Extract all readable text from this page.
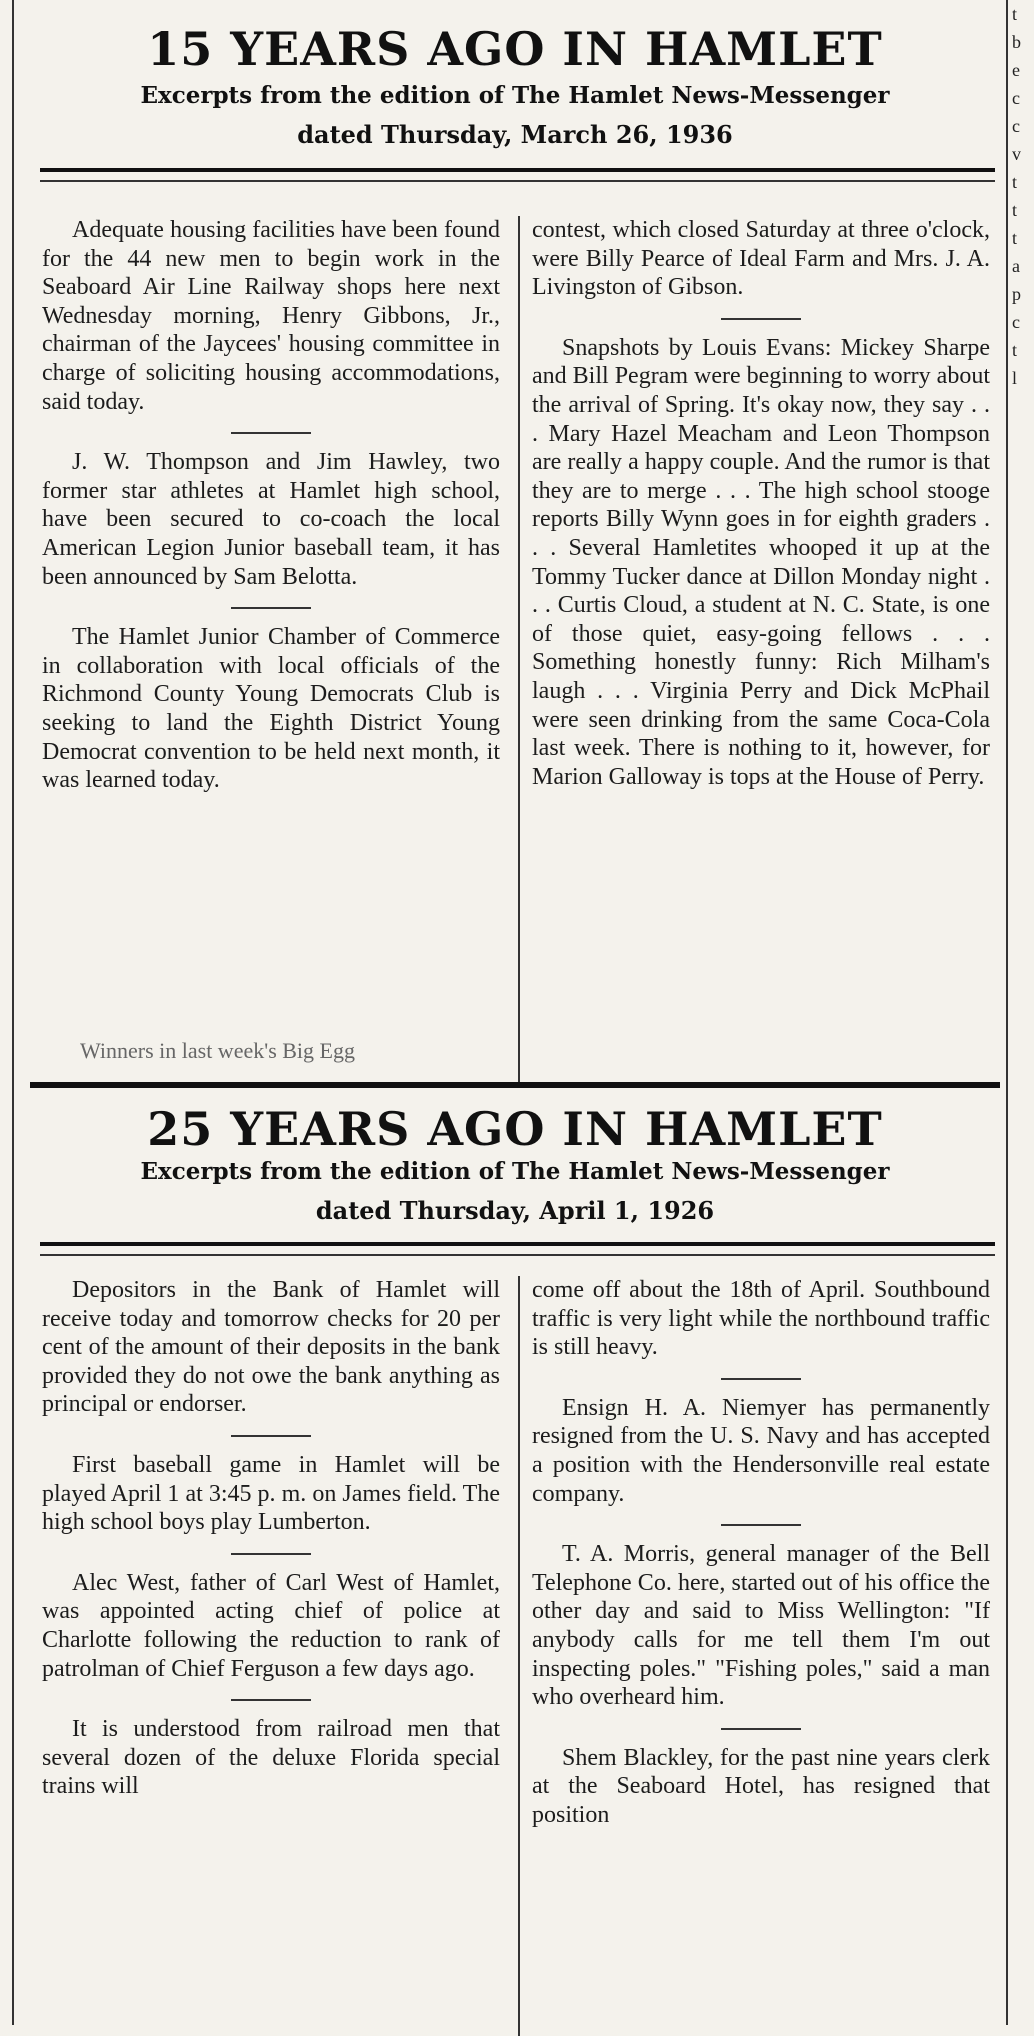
t
b
e
c
c
v
t
t
t
a
p
c
t
l
15 YEARS AGO IN HAMLET
Excerpts from the edition of The Hamlet News-Messenger
dated Thursday, March 26, 1936

Adequate housing facilities have been found for the 44 new men to begin work in the Seaboard Air Line Railway shops here next Wednesday morning, Henry Gibbons, Jr., chairman of the Jaycees' housing committee in charge of soliciting housing accommodations, said today.

J. W. Thompson and Jim Hawley, two former star athletes at Hamlet high school, have been secured to co-coach the local American Legion Junior baseball team, it has been announced by Sam Belotta.

The Hamlet Junior Chamber of Commerce in collaboration with local officials of the Richmond County Young Democrats Club is seeking to land the Eighth District Young Democrat convention to be held next month, it was learned today.

contest, which closed Saturday at three o'clock, were Billy Pearce of Ideal Farm and Mrs. J. A. Livingston of Gibson.

Snapshots by Louis Evans: Mickey Sharpe and Bill Pegram were beginning to worry about the arrival of Spring. It's okay now, they say . . . Mary Hazel Meacham and Leon Thompson are really a happy couple. And the rumor is that they are to merge . . . The high school stooge reports Billy Wynn goes in for eighth graders . . . Several Hamletites whooped it up at the Tommy Tucker dance at Dillon Monday night . . . Curtis Cloud, a student at N. C. State, is one of those quiet, easy-going fellows . . . Something honestly funny: Rich Milham's laugh . . . Virginia Perry and Dick McPhail were seen drinking from the same Coca-Cola last week. There is nothing to it, however, for Marion Galloway is tops at the House of Perry.

Winners in last week's Big Egg
25 YEARS AGO IN HAMLET
Excerpts from the edition of The Hamlet News-Messenger
dated Thursday, April 1, 1926

Depositors in the Bank of Hamlet will receive today and tomorrow checks for 20 per cent of the amount of their deposits in the bank provided they do not owe the bank anything as principal or endorser.

First baseball game in Hamlet will be played April 1 at 3:45 p. m. on James field. The high school boys play Lumberton.

Alec West, father of Carl West of Hamlet, was appointed acting chief of police at Charlotte following the reduction to rank of patrolman of Chief Ferguson a few days ago.

It is understood from railroad men that several dozen of the deluxe Florida special trains will

come off about the 18th of April. Southbound traffic is very light while the northbound traffic is still heavy.

Ensign H. A. Niemyer has permanently resigned from the U. S. Navy and has accepted a position with the Hendersonville real estate company.

T. A. Morris, general manager of the Bell Telephone Co. here, started out of his office the other day and said to Miss Wellington: "If anybody calls for me tell them I'm out inspecting poles." "Fishing poles," said a man who overheard him.

Shem Blackley, for the past nine years clerk at the Seaboard Hotel, has resigned that position
